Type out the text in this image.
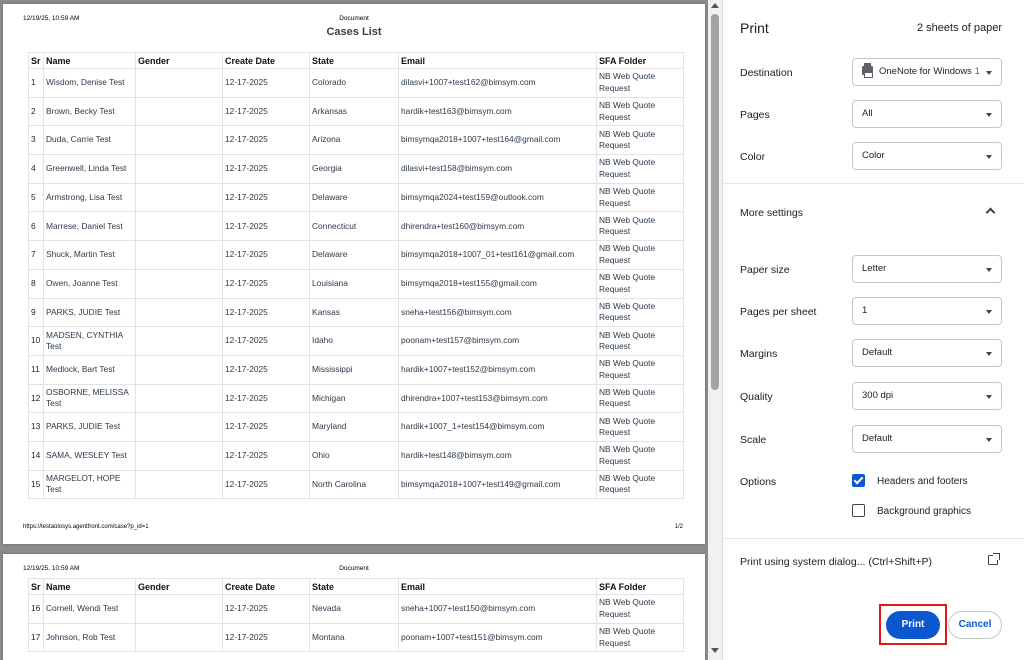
12/19/25, 10:59 AM	Document
Cases List
Sr	Name	Gender	Create Date	State	Email	SFA Folder
1	Wisdom, Denise Test		12-17-2025	Colorado	dilasvi+1007+test162@bimsym.com	NB Web Quote Request
2	Brown, Becky Test		12-17-2025	Arkansas	hardik+test163@bimsym.com	NB Web Quote Request
3	Duda, Carrie Test		12-17-2025	Arizona	bimsymqa2018+1007+test164@gmail.com	NB Web Quote Request
4	Greenwell, Linda Test		12-17-2025	Georgia	dilasvi+test158@bimsym.com	NB Web Quote Request
5	Armstrong, Lisa Test		12-17-2025	Delaware	bimsymqa2024+test159@outlook.com	NB Web Quote Request
6	Marrese, Daniel Test		12-17-2025	Connecticut	dhirendra+test160@bimsym.com	NB Web Quote Request
7	Shuck, Martin Test		12-17-2025	Delaware	bimsymqa2018+1007_01+test161@gmail.com	NB Web Quote Request
8	Owen, Joanne Test		12-17-2025	Louisiana	bimsymqa2018+test155@gmail.com	NB Web Quote Request
9	PARKS, JUDIE Test		12-17-2025	Kansas	sneha+test156@bimsym.com	NB Web Quote Request
10	MADSEN, CYNTHIA Test		12-17-2025	Idaho	poonam+test157@bimsym.com	NB Web Quote Request
11	Medlock, Bart Test		12-17-2025	Mississippi	hardik+1007+test152@bimsym.com	NB Web Quote Request
12	OSBORNE, MELISSA Test		12-17-2025	Michigan	dhirendra+1007+test153@bimsym.com	NB Web Quote Request
13	PARKS, JUDIE Test		12-17-2025	Maryland	hardik+1007_1+test154@bimsym.com	NB Web Quote Request
14	SAMA, WESLEY Test		12-17-2025	Ohio	hardik+test148@bimsym.com	NB Web Quote Request
15	MARGELOT, HOPE Test		12-17-2025	North Carolina	bimsymqa2018+1007+test149@gmail.com	NB Web Quote Request
https://testaolosys.agentfront.com/case?p_id=1	1/2
12/19/25, 10:59 AM	Document
Sr	Name	Gender	Create Date	State	Email	SFA Folder
16	Cornell, Wendi Test		12-17-2025	Nevada	sneha+1007+test150@bimsym.com	NB Web Quote Request
17	Johnson, Rob Test		12-17-2025	Montana	poonam+1007+test151@bimsym.com	NB Web Quote Request
Print	2 sheets of paper
Destination	OneNote for Windows 1
Pages	All
Color	Color
More settings
Paper size	Letter
Pages per sheet	1
Margins	Default
Quality	300 dpi
Scale	Default
Options	Headers and footers
Background graphics
Print using system dialog... (Ctrl+Shift+P)
Print	Cancel
